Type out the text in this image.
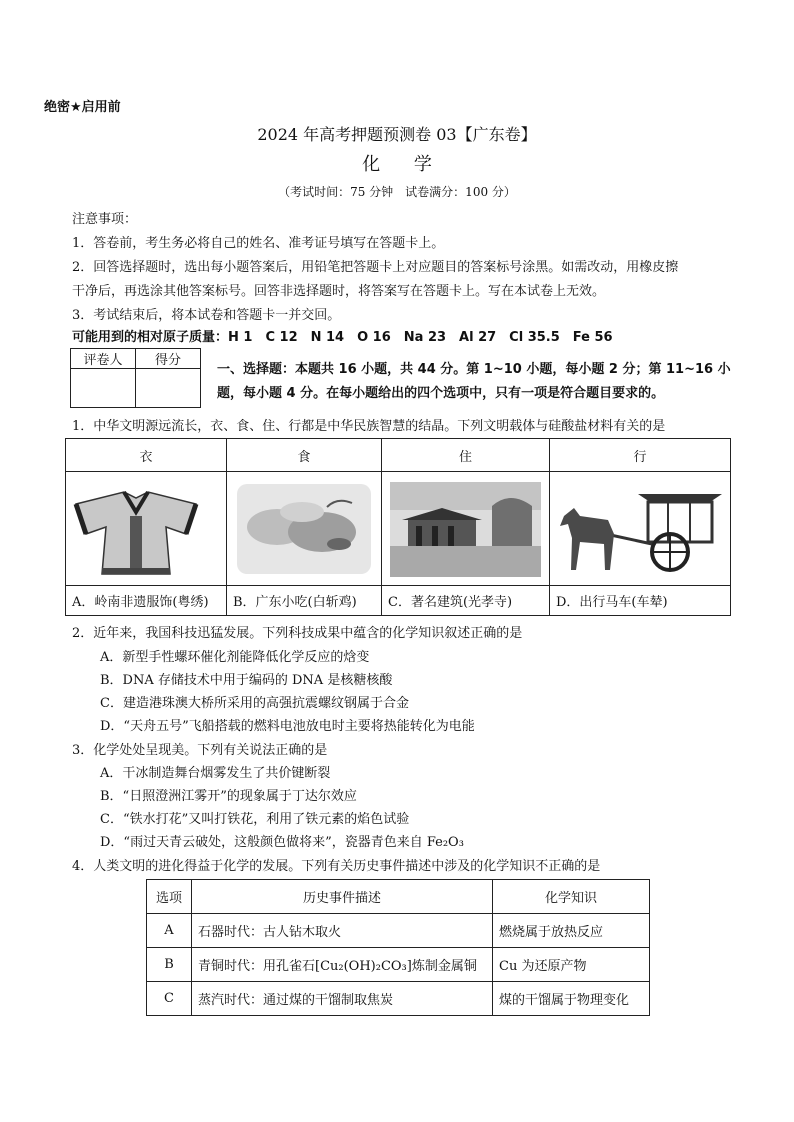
绝密★启用前
2024 年高考押题预测卷 03【广东卷】
化 学
（考试时间：75 分钟　试卷满分：100 分）
注意事项：
1．答卷前，考生务必将自己的姓名、准考证号填写在答题卡上。
2．回答选择题时，选出每小题答案后，用铅笔把答题卡上对应题目的答案标号涂黑。如需改动，用橡皮擦
干净后，再选涂其他答案标号。回答非选择题时，将答案写在答题卡上。写在本试卷上无效。
3．考试结束后，将本试卷和答题卡一并交回。
可能用到的相对原子质量：H 1　C 12　N 14　O 16　Na 23　Al 27　Cl 35.5　Fe 56
评卷人	得分

一、选择题：本题共 16 小题，共 44 分。第 1~10 小题，每小题 2 分；第 11~16 小
题，每小题 4 分。在每小题给出的四个选项中，只有一项是符合题目要求的。
1．中华文明源远流长，衣、食、住、行都是中华民族智慧的结晶。下列文明载体与硅酸盐材料有关的是
衣	食	住	行

A．岭南非遗服饰(粤绣)	B．广东小吃(白斩鸡)	C．著名建筑(光孝寺)	D．出行马车(车辇)
2．近年来，我国科技迅猛发展。下列科技成果中蕴含的化学知识叙述正确的是
A．新型手性螺环催化剂能降低化学反应的焓变
B．DNA 存储技术中用于编码的 DNA 是核糖核酸
C．建造港珠澳大桥所采用的高强抗震螺纹钢属于合金
D．“天舟五号”飞船搭载的燃料电池放电时主要将热能转化为电能
3．化学处处呈现美。下列有关说法正确的是
A．干冰制造舞台烟雾发生了共价键断裂
B．“日照澄洲江雾开”的现象属于丁达尔效应
C．“铁水打花”又叫打铁花，利用了铁元素的焰色试验
D．“雨过天青云破处，这般颜色做将来”，瓷器青色来自 Fe₂O₃
4．人类文明的进化得益于化学的发展。下列有关历史事件描述中涉及的化学知识不正确的是
选项	历史事件描述	化学知识
A	石器时代：古人钻木取火	燃烧属于放热反应
B	青铜时代：用孔雀石[Cu₂(OH)₂CO₃]炼制金属铜	Cu 为还原产物
C	蒸汽时代：通过煤的干馏制取焦炭	煤的干馏属于物理变化
